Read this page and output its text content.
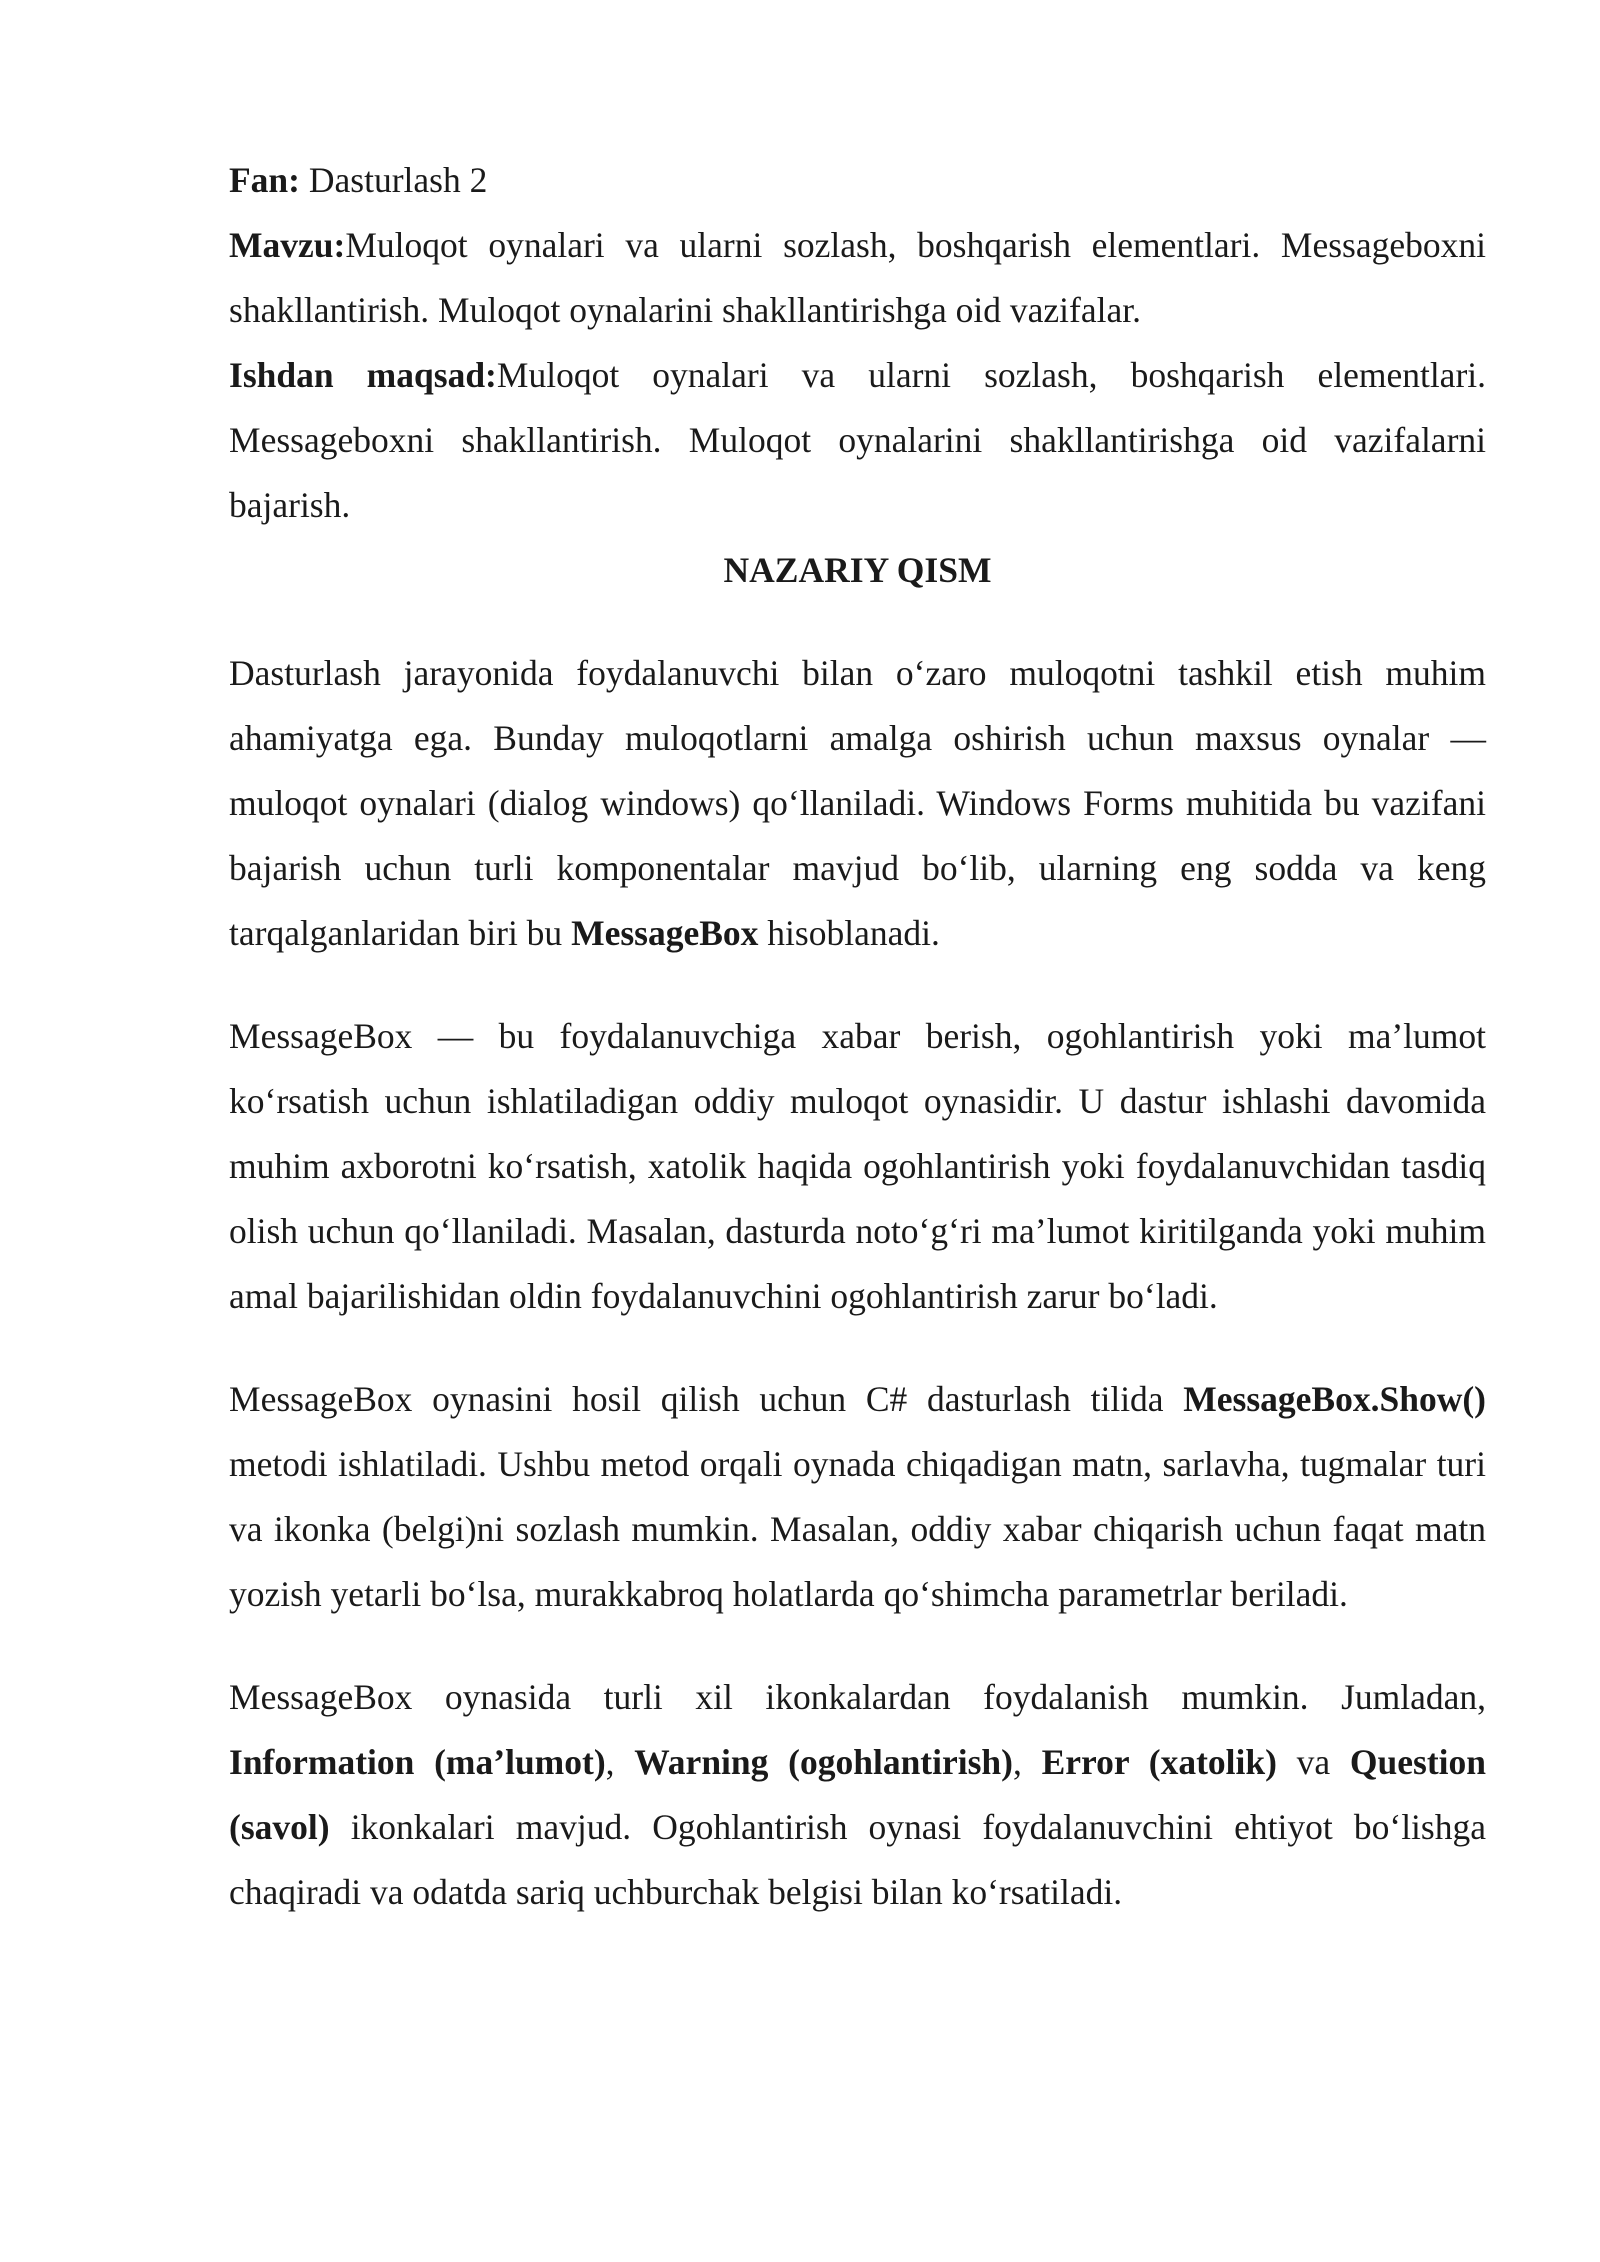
Fan: Dasturlash 2

Mavzu:Muloqot oynalari va ularni sozlash, boshqarish elementlari. Messageboxni shakllantirish. Muloqot oynalarini shakllantirishga oid vazifalar.

Ishdan maqsad:Muloqot oynalari va ularni sozlash, boshqarish elementlari. Messageboxni shakllantirish. Muloqot oynalarini shakllantirishga oid vazifalarni bajarish.

NAZARIY QISM

Dasturlash jarayonida foydalanuvchi bilan o‘zaro muloqotni tashkil etish muhim ahamiyatga ega. Bunday muloqotlarni amalga oshirish uchun maxsus oynalar — muloqot oynalari (dialog windows) qo‘llaniladi. Windows Forms muhitida bu vazifani bajarish uchun turli komponentalar mavjud bo‘lib, ularning eng sodda va keng tarqalganlaridan biri bu MessageBox hisoblanadi.

MessageBox — bu foydalanuvchiga xabar berish, ogohlantirish yoki ma’lumot ko‘rsatish uchun ishlatiladigan oddiy muloqot oynasidir. U dastur ishlashi davomida muhim axborotni ko‘rsatish, xatolik haqida ogohlantirish yoki foydalanuvchidan tasdiq olish uchun qo‘llaniladi. Masalan, dasturda noto‘g‘ri ma’lumot kiritilganda yoki muhim amal bajarilishidan oldin foydalanuvchini ogohlantirish zarur bo‘ladi.

MessageBox oynasini hosil qilish uchun C# dasturlash tilida MessageBox.Show() metodi ishlatiladi. Ushbu metod orqali oynada chiqadigan matn, sarlavha, tugmalar turi va ikonka (belgi)ni sozlash mumkin. Masalan, oddiy xabar chiqarish uchun faqat matn yozish yetarli bo‘lsa, murakkabroq holatlarda qo‘shimcha parametrlar beriladi.

MessageBox oynasida turli xil ikonkalardan foydalanish mumkin. Jumladan, Information (ma’lumot), Warning (ogohlantirish), Error (xatolik) va Question (savol) ikonkalari mavjud. Ogohlantirish oynasi foydalanuvchini ehtiyot bo‘lishga chaqiradi va odatda sariq uchburchak belgisi bilan ko‘rsatiladi.
